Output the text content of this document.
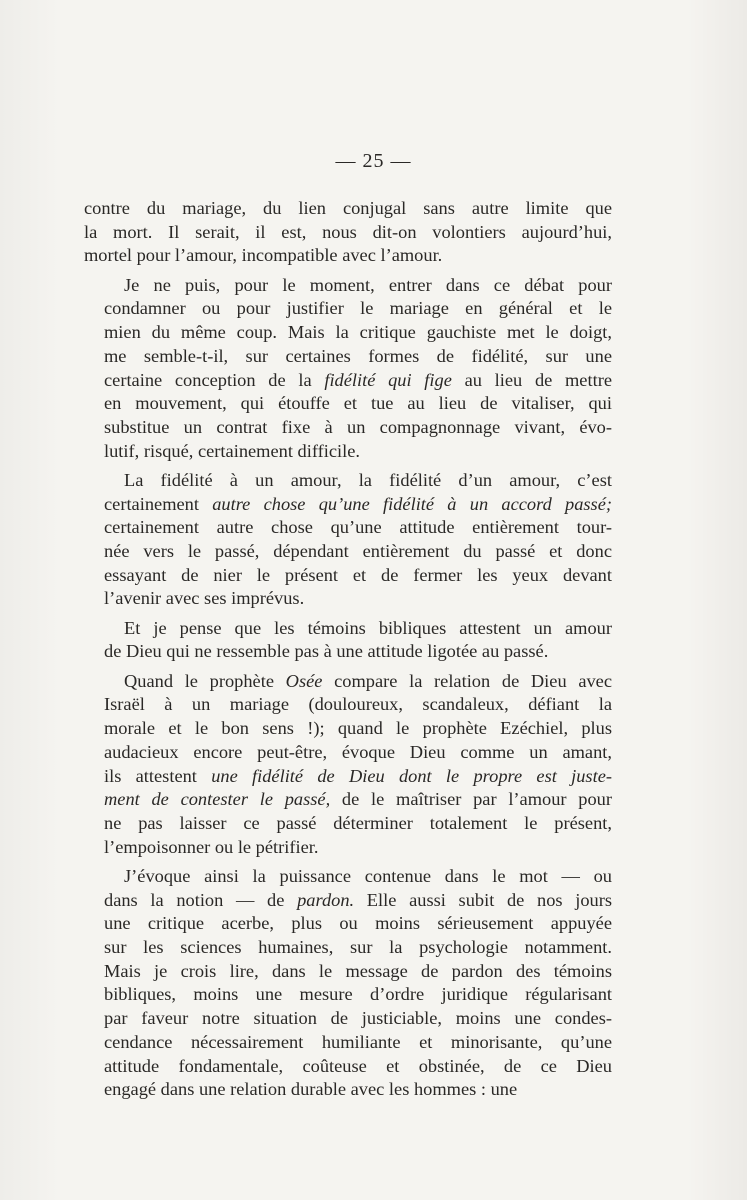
— 25 —
contre du mariage, du lien conjugal sans autre limite que
la mort. Il serait, il est, nous dit-on volontiers aujourd’hui,
mortel pour l’amour, incompatible avec l’amour.
Je ne puis, pour le moment, entrer dans ce débat pour
condamner ou pour justifier le mariage en général et le
mien du même coup. Mais la critique gauchiste met le doigt,
me semble-t-il, sur certaines formes de fidélité, sur une
certaine conception de la fidélité qui fige au lieu de mettre
en mouvement, qui étouffe et tue au lieu de vitaliser, qui
substitue un contrat fixe à un compagnonnage vivant, évo-
lutif, risqué, certainement difficile.
La fidélité à un amour, la fidélité d’un amour, c’est
certainement autre chose qu’une fidélité à un accord passé;
certainement autre chose qu’une attitude entièrement tour-
née vers le passé, dépendant entièrement du passé et donc
essayant de nier le présent et de fermer les yeux devant
l’avenir avec ses imprévus.
Et je pense que les témoins bibliques attestent un amour
de Dieu qui ne ressemble pas à une attitude ligotée au passé.
Quand le prophète Osée compare la relation de Dieu avec
Israël à un mariage (douloureux, scandaleux, défiant la
morale et le bon sens !); quand le prophète Ezéchiel, plus
audacieux encore peut-être, évoque Dieu comme un amant,
ils attestent une fidélité de Dieu dont le propre est juste-
ment de contester le passé, de le maîtriser par l’amour pour
ne pas laisser ce passé déterminer totalement le présent,
l’empoisonner ou le pétrifier.
J’évoque ainsi la puissance contenue dans le mot — ou
dans la notion — de pardon. Elle aussi subit de nos jours
une critique acerbe, plus ou moins sérieusement appuyée
sur les sciences humaines, sur la psychologie notamment.
Mais je crois lire, dans le message de pardon des témoins
bibliques, moins une mesure d’ordre juridique régularisant
par faveur notre situation de justiciable, moins une condes-
cendance nécessairement humiliante et minorisante, qu’une
attitude fondamentale, coûteuse et obstinée, de ce Dieu
engagé dans une relation durable avec les hommes : une
